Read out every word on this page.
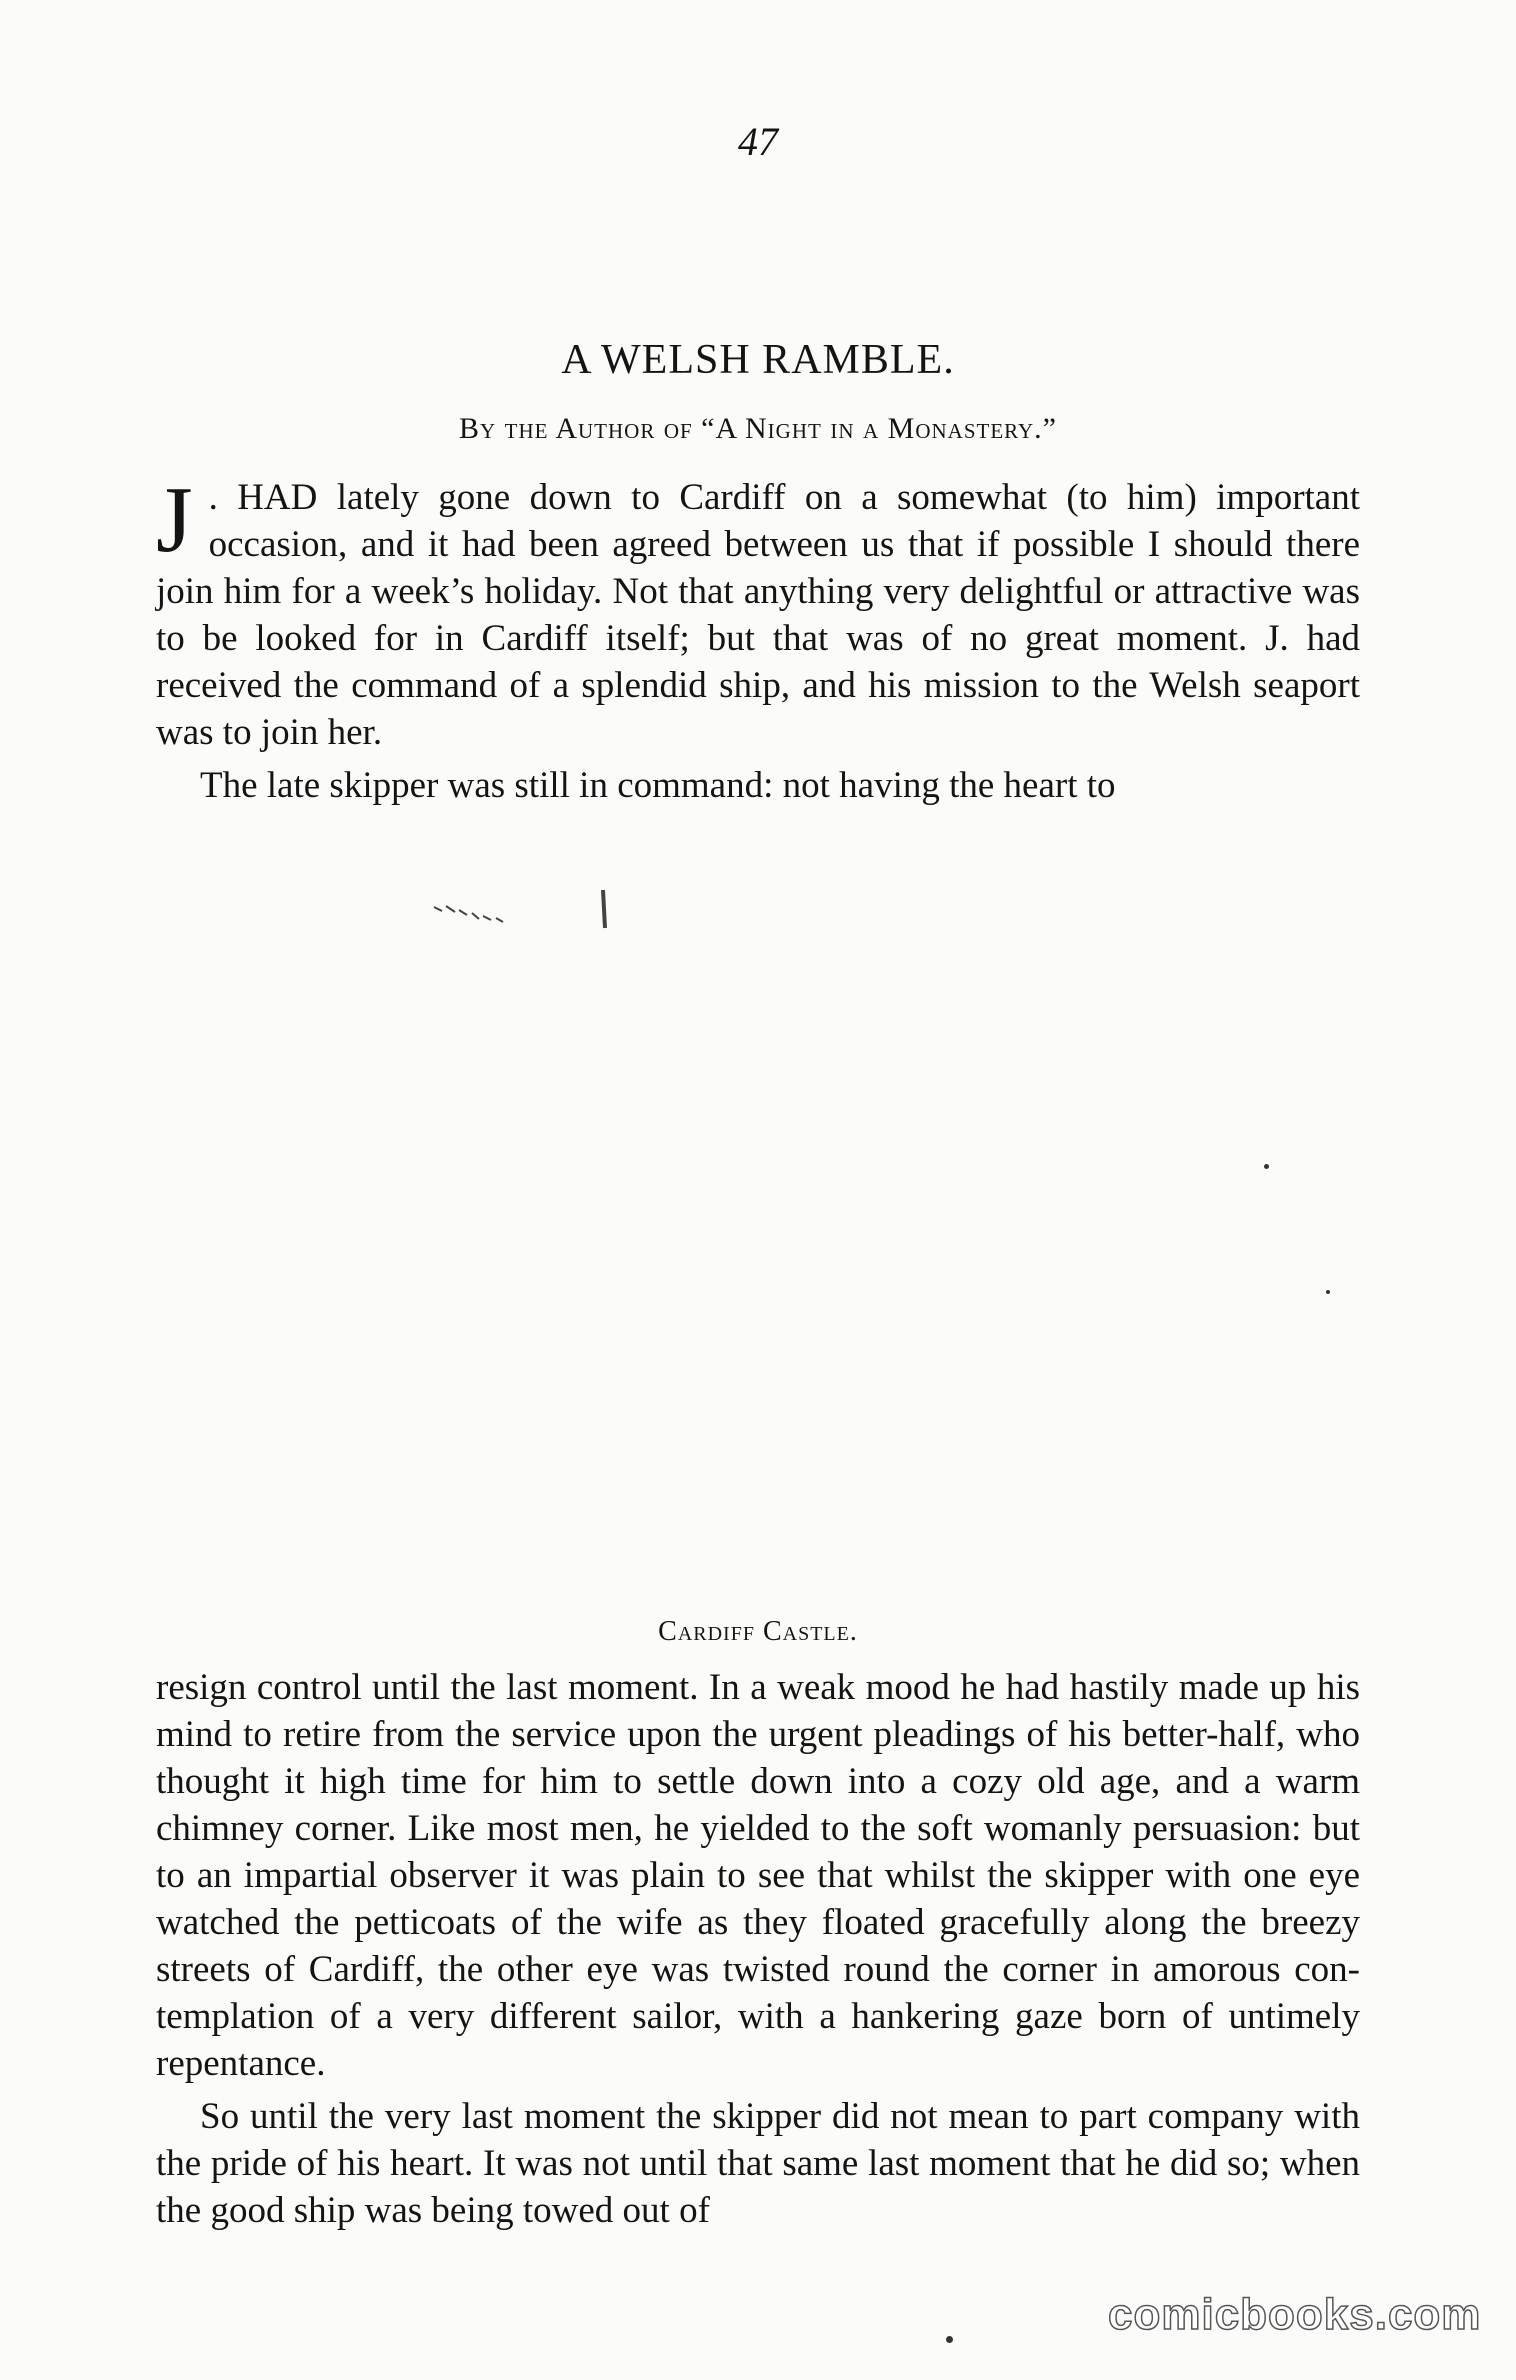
47
A WELSH RAMBLE.
By the Author of “A Night in a Monastery.”

J . HAD lately gone down to Cardiff on a somewhat (to him) important occasion, and it had been agreed between us that if possible I should there join him for a week’s holiday. Not that anything very delightful or attractive was to be looked for in Cardiff itself; but that was of no great moment. J. had received the command of a splendid ship, and his mission to the Welsh seaport was to join her.

The late skipper was still in command: not having the heart to

Cardiff Castle.

resign control until the last moment. In a weak mood he had hastily made up his mind to retire from the service upon the urgent pleadings of his better-half, who thought it high time for him to settle down into a cozy old age, and a warm chimney corner. Like most men, he yielded to the soft womanly persuasion: but to an impartial observer it was plain to see that whilst the skipper with one eye watched the petticoats of the wife as they floated gracefully along the breezy streets of Cardiff, the other eye was twisted round the corner in amorous contemplation of a very different sailor, with a hankering gaze born of untimely repentance.

So until the very last moment the skipper did not mean to part company with the pride of his heart. It was not until that same last moment that he did so; when the good ship was being towed out of

comicbooks.com
